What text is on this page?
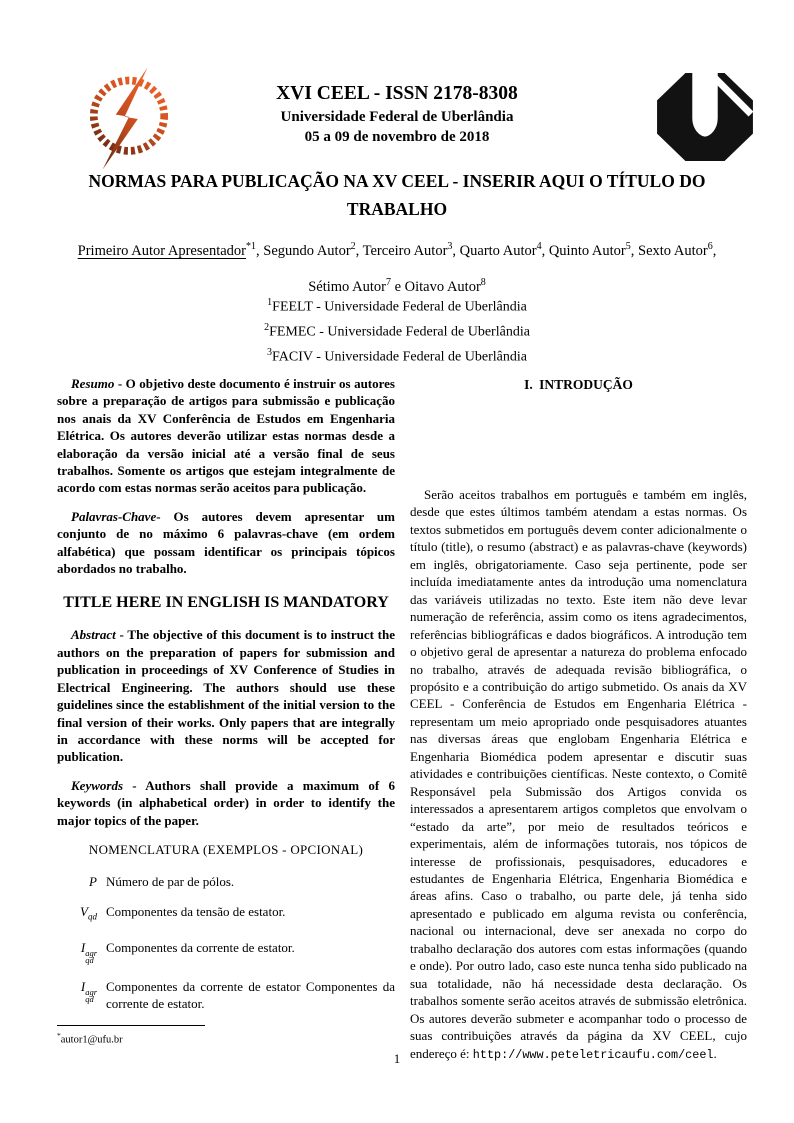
XVI CEEL - ISSN 2178-8308
Universidade Federal de Uberlândia
05 a 09 de novembro de 2018
NORMAS PARA PUBLICAÇÃO NA XV CEEL - INSERIR AQUI O TÍTULO DO TRABALHO
Primeiro Autor Apresentador$^{*1}$, Segundo Autor$^2$, Terceiro Autor$^3$, Quarto Autor$^4$, Quinto Autor$^5$, Sexto Autor$^6$, Sétimo Autor$^7$ e Oitavo Autor$^8$
$^1$FEELT - Universidade Federal de Uberlândia
$^2$FEMEC - Universidade Federal de Uberlândia
$^3$FACIV - Universidade Federal de Uberlândia

Resumo - O objetivo deste documento é instruir os autores sobre a preparação de artigos para submissão e publicação nos anais da XV Conferência de Estudos em Engenharia Elétrica. Os autores deverão utilizar estas normas desde a elaboração da versão inicial até a versão final de seus trabalhos. Somente os artigos que estejam integralmente de acordo com estas normas serão aceitos para publicação.

Palavras-Chave- Os autores devem apresentar um conjunto de no máximo 6 palavras-chave (em ordem alfabética) que possam identificar os principais tópicos abordados no trabalho.

TITLE HERE IN ENGLISH IS MANDATORY

Abstract - The objective of this document is to instruct the authors on the preparation of papers for submission and publication in proceedings of XV Conference of Studies in Electrical Engineering. The authors should use these guidelines since the establishment of the initial version to the final version of their works. Only papers that are integrally in accordance with these norms will be accepted for publication.

Keywords - Authors shall provide a maximum of 6 keywords (in alphabetical order) in order to identify the major topics of the paper.

NOMENCLATURA (EXEMPLOS - OPCIONAL)
P Número de par de pólos.
$V_{qd}$ Componentes da tensão de estator.
I agr
qd
Componentes da corrente de estator.
I agr
qd
Componentes da corrente de estator Componentes da corrente de estator.
*autor1@ufu.br
I. INTRODUÇÃO

Serão aceitos trabalhos em português e também em inglês, desde que estes últimos também atendam a estas normas. Os textos submetidos em português devem conter adicionalmente o título (title), o resumo (abstract) e as palavras-chave (keywords) em inglês, obrigatoriamente. Caso seja pertinente, pode ser incluída imediatamente antes da introdução uma nomenclatura das variáveis utilizadas no texto. Este item não deve levar numeração de referência, assim como os itens agradecimentos, referências bibliográficas e dados biográficos. A introdução tem o objetivo geral de apresentar a natureza do problema enfocado no trabalho, através de adequada revisão bibliográfica, o propósito e a contribuição do artigo submetido. Os anais da XV CEEL - Conferência de Estudos em Engenharia Elétrica - representam um meio apropriado onde pesquisadores atuantes nas diversas áreas que englobam Engenharia Elétrica e Engenharia Biomédica podem apresentar e discutir suas atividades e contribuições científicas. Neste contexto, o Comitê Responsável pela Submissão dos Artigos convida os interessados a apresentarem artigos completos que envolvam o “estado da arte”, por meio de resultados teóricos e experimentais, além de informações tutorais, nos tópicos de interesse de profissionais, pesquisadores, educadores e estudantes de Engenharia Elétrica, Engenharia Biomédica e áreas afins. Caso o trabalho, ou parte dele, já tenha sido apresentado e publicado em alguma revista ou conferência, nacional ou internacional, deve ser anexada no corpo do trabalho declaração dos autores com estas informações (quando e onde). Por outro lado, caso este nunca tenha sido publicado na sua totalidade, não há necessidade desta declaração. Os trabalhos somente serão aceitos através de submissão eletrônica. Os autores deverão submeter e acompanhar todo o processo de suas contribuições através da página da XV CEEL, cujo endereço é: http://www.peteletricaufu.com/ceel.

1
